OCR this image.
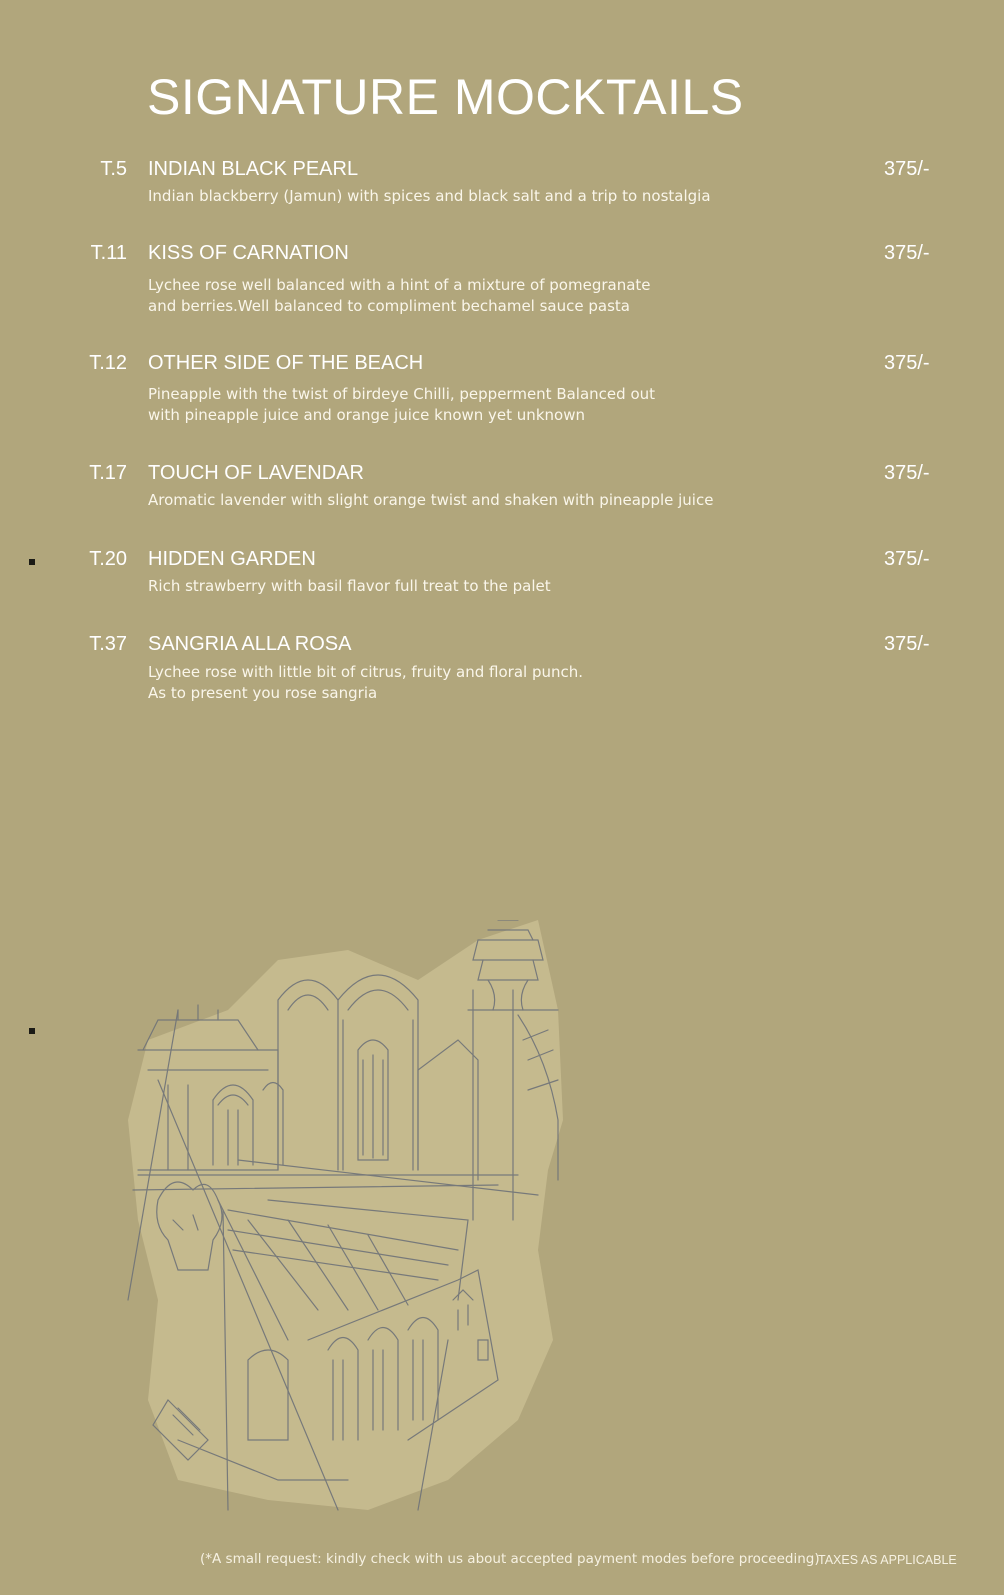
SIGNATURE MOCKTAILS
T.5 INDIAN BLACK PEARL	375/-
Indian blackberry (Jamun) with spices and black salt and a trip to nostalgia
T.11 KISS OF CARNATION	375/-
Lychee rose well balanced with a hint of a mixture of pomegranate
and berries.Well balanced to compliment bechamel sauce pasta
T.12 OTHER SIDE OF THE BEACH	375/-
Pineapple with the twist of birdeye Chilli, pepperment Balanced out
with pineapple juice and orange juice known yet unknown
T.17 TOUCH OF LAVENDAR	375/-
Aromatic lavender with slight orange twist and shaken with pineapple juice
T.20 HIDDEN GARDEN	375/-
Rich strawberry with basil flavor full treat to the palet
T.37 SANGRIA ALLA ROSA	375/-
Lychee rose with little bit of citrus, fruity and floral punch.
As to present you rose sangria
(*A small request: kindly check with us about accepted payment modes before proceeding)
TAXES AS APPLICABLE
